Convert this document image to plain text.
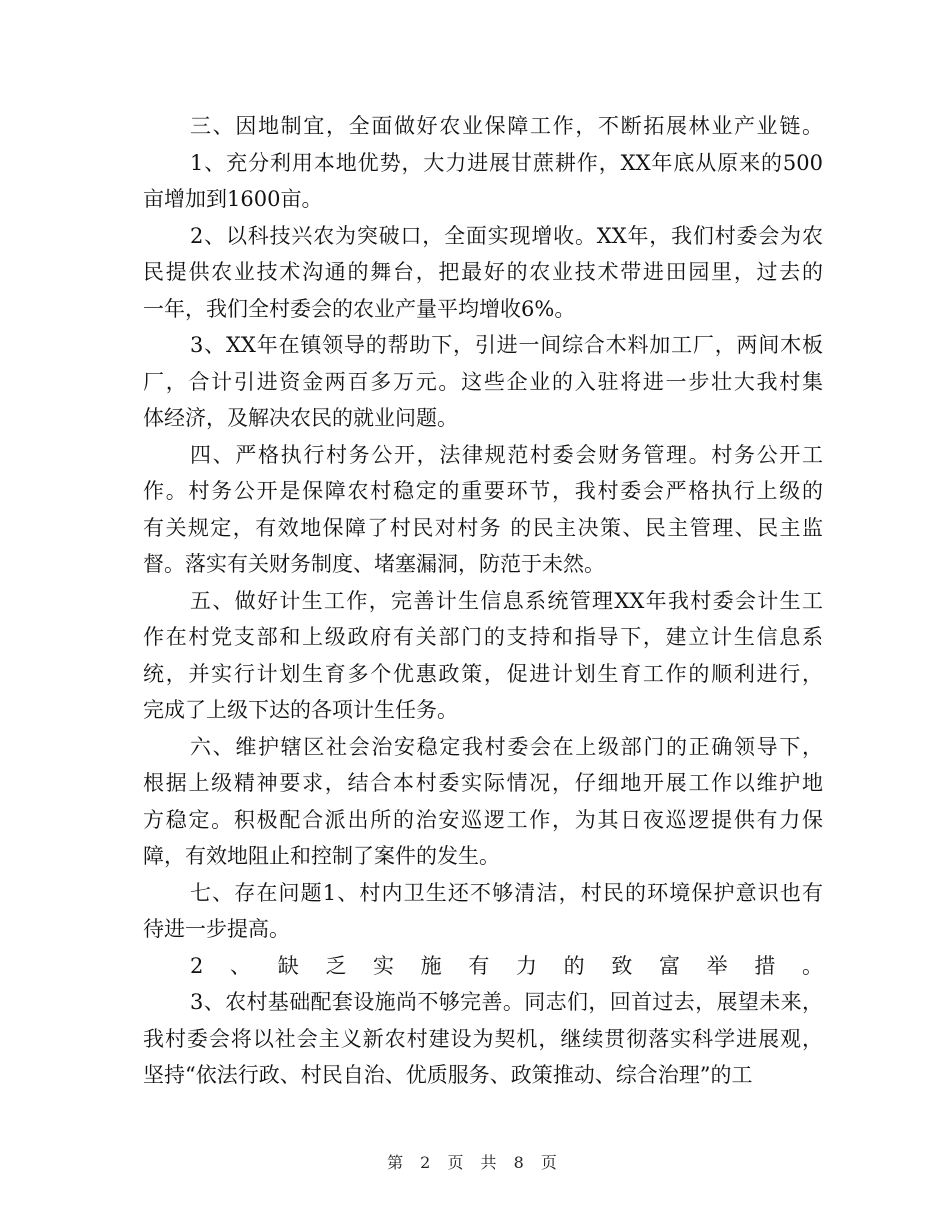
三、因地制宜，全面做好农业保障工作，不断拓展林业产业链。

1、充分利用本地优势，大力进展甘蔗耕作，XX年底从原来的500

亩增加到1600亩。

2、以科技兴农为突破口，全面实现增收。XX年，我们村委会为农

民提供农业技术沟通的舞台，把最好的农业技术带进田园里，过去的

一年，我们全村委会的农业产量平均增收6%。

3、XX年在镇领导的帮助下，引进一间综合木料加工厂，两间木板

厂，合计引进资金两百多万元。这些企业的入驻将进一步壮大我村集

体经济，及解决农民的就业问题。

四、严格执行村务公开，法律规范村委会财务管理。村务公开工

作。村务公开是保障农村稳定的重要环节，我村委会严格执行上级的

有关规定，有效地保障了村民对村务 的民主决策、民主管理、民主监

督。落实有关财务制度、堵塞漏洞，防范于未然。

五、做好计生工作，完善计生信息系统管理XX年我村委会计生工

作在村党支部和上级政府有关部门的支持和指导下，建立计生信息系

统，并实行计划生育多个优惠政策，促进计划生育工作的顺利进行，

完成了上级下达的各项计生任务。

六、维护辖区社会治安稳定我村委会在上级部门的正确领导下，

根据上级精神要求，结合本村委实际情况，仔细地开展工作以维护地

方稳定。积极配合派出所的治安巡逻工作，为其日夜巡逻提供有力保

障，有效地阻止和控制了案件的发生。

七、存在问题1、村内卫生还不够清洁，村民的环境保护意识也有

待进一步提高。

2、缺乏实施有力的致富举措。

3、农村基础配套设施尚不够完善。同志们，回首过去，展望未来，

我村委会将以社会主义新农村建设为契机，继续贯彻落实科学进展观，

坚持“依法行政、村民自治、优质服务、政策推动、综合治理”的工

第 2 页 共 8 页
